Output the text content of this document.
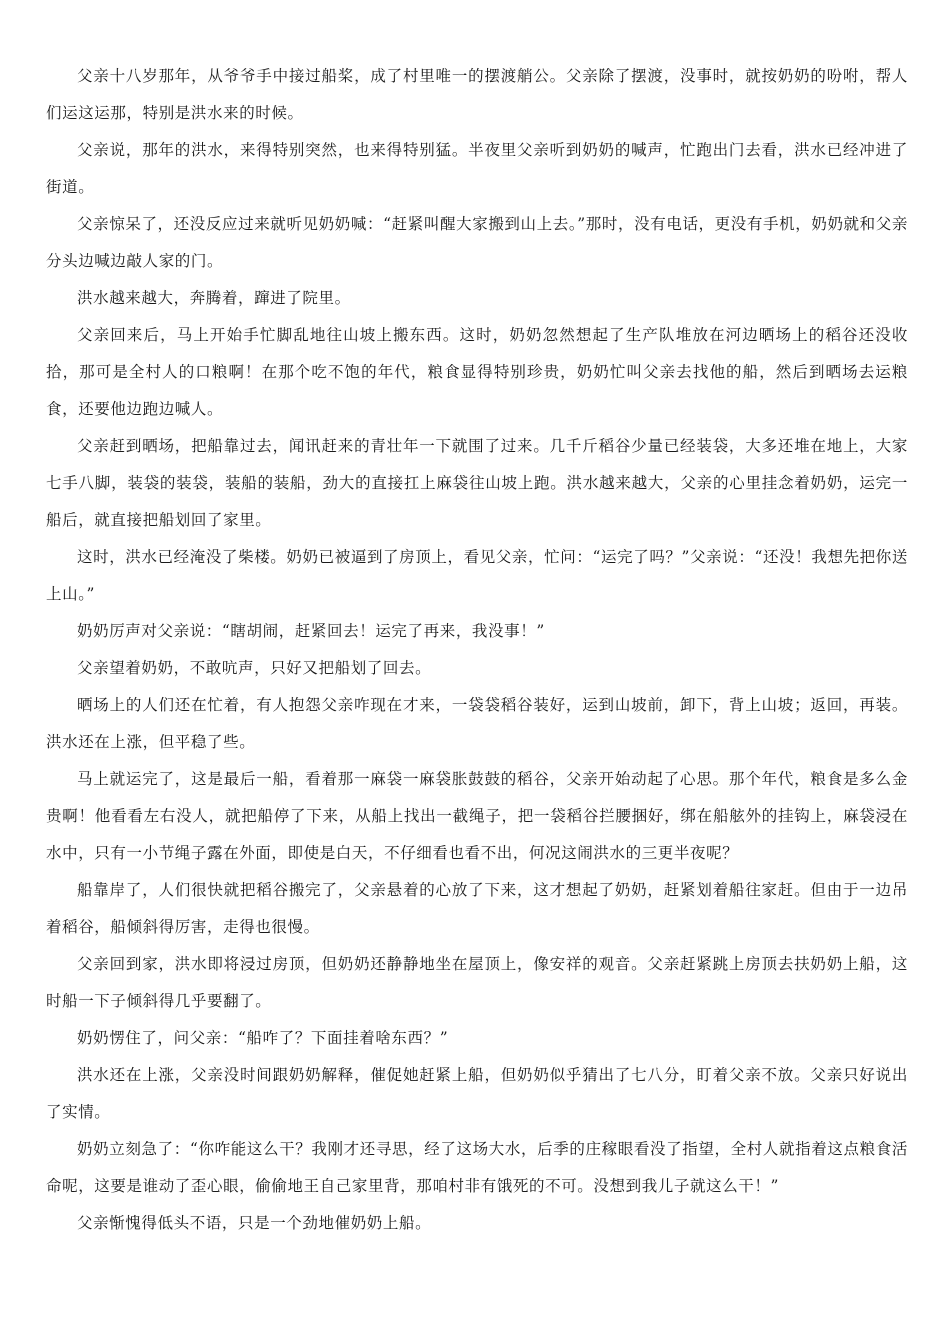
父亲十八岁那年，从爷爷手中接过船桨，成了村里唯一的摆渡艄公。父亲除了摆渡，没事时，就按奶奶的吩咐，帮人们运这运那，特别是洪水来的时候。

父亲说，那年的洪水，来得特别突然，也来得特别猛。半夜里父亲听到奶奶的喊声，忙跑出门去看，洪水已经冲进了街道。

父亲惊呆了，还没反应过来就听见奶奶喊：“赶紧叫醒大家搬到山上去。”那时，没有电话，更没有手机，奶奶就和父亲分头边喊边敲人家的门。

洪水越来越大，奔腾着，蹿进了院里。

父亲回来后，马上开始手忙脚乱地往山坡上搬东西。这时，奶奶忽然想起了生产队堆放在河边晒场上的稻谷还没收拾，那可是全村人的口粮啊！在那个吃不饱的年代，粮食显得特别珍贵，奶奶忙叫父亲去找他的船，然后到晒场去运粮食，还要他边跑边喊人。

父亲赶到晒场，把船靠过去，闻讯赶来的青壮年一下就围了过来。几千斤稻谷少量已经装袋，大多还堆在地上，大家七手八脚，装袋的装袋，装船的装船，劲大的直接扛上麻袋往山坡上跑。洪水越来越大，父亲的心里挂念着奶奶，运完一船后，就直接把船划回了家里。

这时，洪水已经淹没了柴楼。奶奶已被逼到了房顶上，看见父亲，忙问：“运完了吗？”父亲说：“还没！我想先把你送上山。”

奶奶厉声对父亲说：“瞎胡闹，赶紧回去！运完了再来，我没事！”

父亲望着奶奶，不敢吭声，只好又把船划了回去。

晒场上的人们还在忙着，有人抱怨父亲咋现在才来，一袋袋稻谷装好，运到山坡前，卸下，背上山坡；返回，再装。洪水还在上涨，但平稳了些。

马上就运完了，这是最后一船，看着那一麻袋一麻袋胀鼓鼓的稻谷，父亲开始动起了心思。那个年代，粮食是多么金贵啊！他看看左右没人，就把船停了下来，从船上找出一截绳子，把一袋稻谷拦腰捆好，绑在船舷外的挂钩上，麻袋浸在水中，只有一小节绳子露在外面，即使是白天，不仔细看也看不出，何况这闹洪水的三更半夜呢？

船靠岸了，人们很快就把稻谷搬完了，父亲悬着的心放了下来，这才想起了奶奶，赶紧划着船往家赶。但由于一边吊着稻谷，船倾斜得厉害，走得也很慢。

父亲回到家，洪水即将浸过房顶，但奶奶还静静地坐在屋顶上，像安祥的观音。父亲赶紧跳上房顶去扶奶奶上船，这时船一下子倾斜得几乎要翻了。

奶奶愣住了，问父亲：“船咋了？下面挂着啥东西？”

洪水还在上涨，父亲没时间跟奶奶解释，催促她赶紧上船，但奶奶似乎猜出了七八分，盯着父亲不放。父亲只好说出了实情。

奶奶立刻急了：“你咋能这么干？我刚才还寻思，经了这场大水，后季的庄稼眼看没了指望，全村人就指着这点粮食活命呢，这要是谁动了歪心眼，偷偷地王自己家里背，那咱村非有饿死的不可。没想到我儿子就这么干！”

父亲惭愧得低头不语，只是一个劲地催奶奶上船。
